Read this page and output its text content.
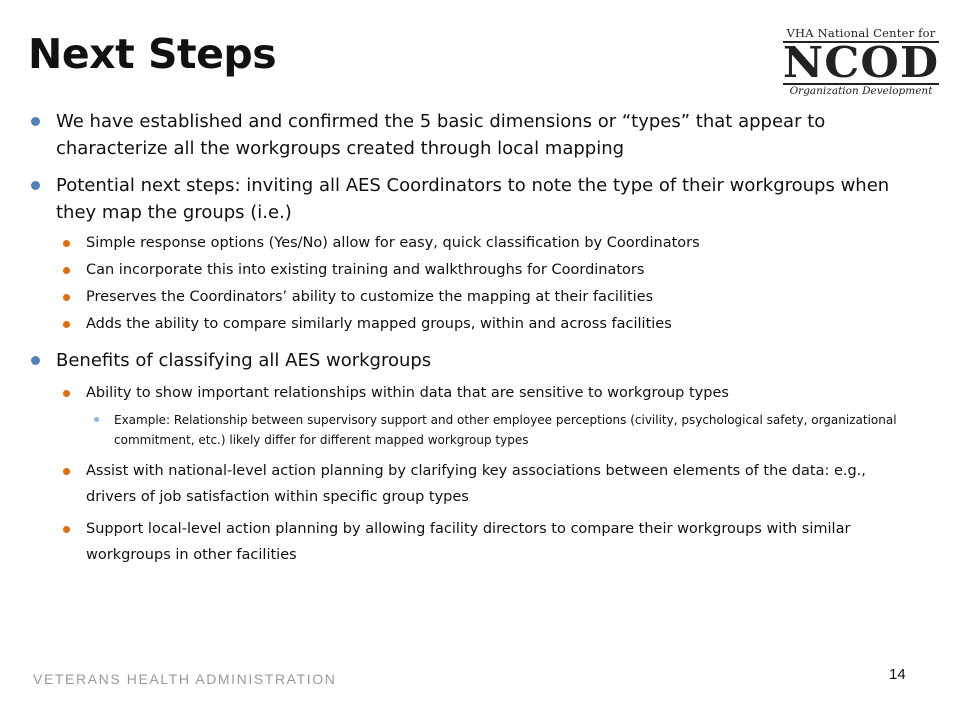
Next Steps	VHA National Center for
NCOD
Organization Development
We have established and confirmed the 5 basic dimensions or “types” that appear to characterize all the workgroups created through local mapping
Potential next steps: inviting all AES Coordinators to note the type of their workgroups when they map the groups (i.e.)
Simple response options (Yes/No) allow for easy, quick classification by Coordinators
Can incorporate this into existing training and walkthroughs for Coordinators
Preserves the Coordinators’ ability to customize the mapping at their facilities
Adds the ability to compare similarly mapped groups, within and across facilities
Benefits of classifying all AES workgroups
Ability to show important relationships within data that are sensitive to workgroup types
Example: Relationship between supervisory support and other employee perceptions (civility, psychological safety, organizational commitment, etc.) likely differ for different mapped workgroup types
Assist with national-level action planning by clarifying key associations between elements of the data: e.g., drivers of job satisfaction within specific group types
Support local-level action planning by allowing facility directors to compare their workgroups with similar workgroups in other facilities
VETERANS HEALTH ADMINISTRATION	14
